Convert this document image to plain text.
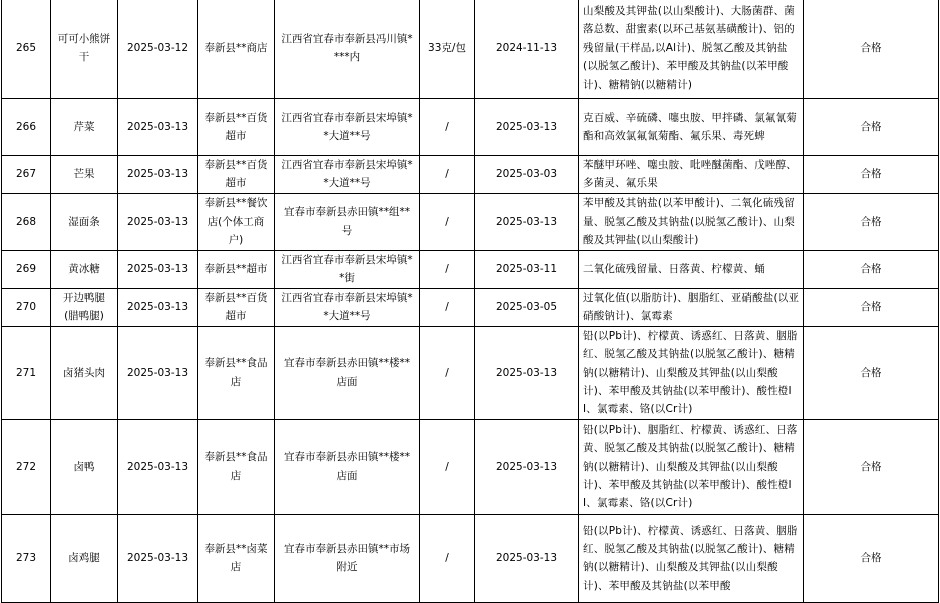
265	可可小熊饼干	2025-03-12	奉新县**商店	江西省宜春市奉新县冯川镇****内	33克/包	2024-11-13	山梨酸及其钾盐(以山梨酸计)、大肠菌群、菌落总数、甜蜜素(以环己基氨基磺酸计)、铝的残留量(干样品,以Al计)、脱氢乙酸及其钠盐(以脱氢乙酸计)、苯甲酸及其钠盐(以苯甲酸计)、糖精钠(以糖精计)	合格
266	芹菜	2025-03-13	奉新县**百货超市	江西省宜春市奉新县宋埠镇**大道**号	/	2025-03-13	克百威、辛硫磷、噻虫胺、甲拌磷、氯氟氰菊酯和高效氯氟氰菊酯、氟乐果、毒死蜱	合格
267	芒果	2025-03-13	奉新县**百货超市	江西省宜春市奉新县宋埠镇**大道**号	/	2025-03-03	苯醚甲环唑、噻虫胺、吡唑醚菌酯、戊唑醇、多菌灵、氟乐果	合格
268	湿面条	2025-03-13	奉新县**餐饮店(个体工商户)	宜春市奉新县赤田镇**组**号	/	2025-03-13	苯甲酸及其钠盐(以苯甲酸计)、二氧化硫残留量、脱氢乙酸及其钠盐(以脱氢乙酸计)、山梨酸及其钾盐(以山梨酸计)	合格
269	黄冰糖	2025-03-13	奉新县**超市	江西省宜春市奉新县宋埠镇**街	/	2025-03-11	二氧化硫残留量、日落黄、柠檬黄、蛹	合格
270	开边鸭腿(腊鸭腿)	2025-03-13	奉新县**百货超市	江西省宜春市奉新县宋埠镇**大道**号	/	2025-03-05	过氧化值(以脂肪计)、胭脂红、亚硝酸盐(以亚硝酸钠计)、氯霉素	合格
271	卤猪头肉	2025-03-13	奉新县**食品店	宜春市奉新县赤田镇**楼**店面	/	2025-03-13	铅(以Pb计)、柠檬黄、诱惑红、日落黄、胭脂红、脱氢乙酸及其钠盐(以脱氢乙酸计)、糖精钠(以糖精计)、山梨酸及其钾盐(以山梨酸计)、苯甲酸及其钠盐(以苯甲酸计)、酸性橙II、氯霉素、铬(以Cr计)	合格
272	卤鸭	2025-03-13	奉新县**食品店	宜春市奉新县赤田镇**楼**店面	/	2025-03-13	铅(以Pb计)、胭脂红、柠檬黄、诱惑红、日落黄、脱氢乙酸及其钠盐(以脱氢乙酸计)、糖精钠(以糖精计)、山梨酸及其钾盐(以山梨酸计)、苯甲酸及其钠盐(以苯甲酸计)、酸性橙II、氯霉素、铬(以Cr计)	合格
273	卤鸡腿	2025-03-13	奉新县**卤菜店	宜春市奉新县赤田镇**市场附近	/	2025-03-13	铅(以Pb计)、柠檬黄、诱惑红、日落黄、胭脂红、脱氢乙酸及其钠盐(以脱氢乙酸计)、糖精钠(以糖精计)、山梨酸及其钾盐(以山梨酸计)、苯甲酸及其钠盐(以苯甲酸	合格
